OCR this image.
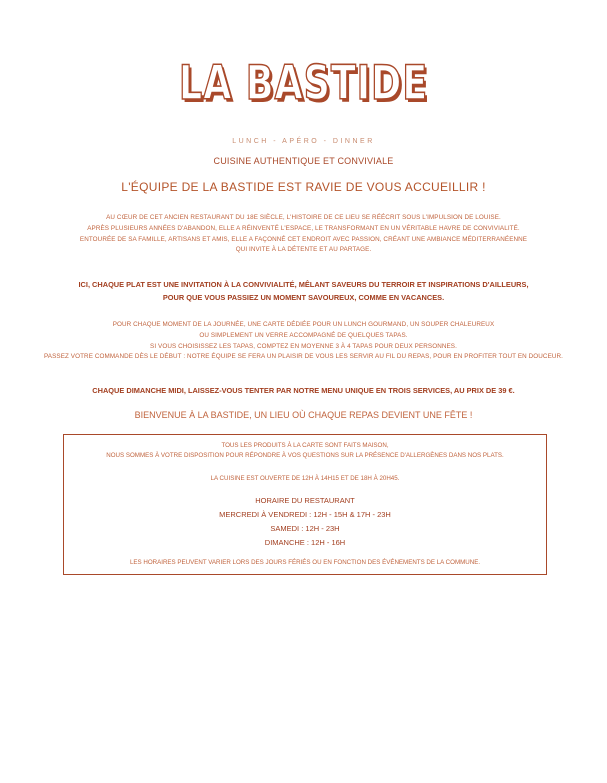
LA BASTIDE
LUNCH - APÉRO - DINNER
CUISINE AUTHENTIQUE ET CONVIVIALE
L'ÉQUIPE DE LA BASTIDE EST RAVIE DE VOUS ACCUEILLIR !
AU CŒUR DE CET ANCIEN RESTAURANT DU 18E SIÈCLE, L'HISTOIRE DE CE LIEU SE RÉÉCRIT SOUS L'IMPULSION DE LOUISE.
APRÈS PLUSIEURS ANNÉES D'ABANDON, ELLE A RÉINVENTÉ L'ESPACE, LE TRANSFORMANT EN UN VÉRITABLE HAVRE DE CONVIVIALITÉ.
ENTOURÉE DE SA FAMILLE, ARTISANS ET AMIS, ELLE A FAÇONNÉ CET ENDROIT AVEC PASSION, CRÉANT UNE AMBIANCE MÉDITERRANÉENNE
QUI INVITE À LA DÉTENTE ET AU PARTAGE.
ICI, CHAQUE PLAT EST UNE INVITATION À LA CONVIVIALITÉ, MÊLANT SAVEURS DU TERROIR ET INSPIRATIONS D'AILLEURS,
POUR QUE VOUS PASSIEZ UN MOMENT SAVOUREUX, COMME EN VACANCES.
POUR CHAQUE MOMENT DE LA JOURNÉE, UNE CARTE DÉDIÉE POUR UN LUNCH GOURMAND, UN SOUPER CHALEUREUX
OU SIMPLEMENT UN VERRE ACCOMPAGNÉ DE QUELQUES TAPAS.
SI VOUS CHOISISSEZ LES TAPAS, COMPTEZ EN MOYENNE 3 À 4 TAPAS POUR DEUX PERSONNES.
PASSEZ VOTRE COMMANDE DÈS LE DÉBUT : NOTRE ÉQUIPE SE FERA UN PLAISIR DE VOUS LES SERVIR AU FIL DU REPAS, POUR EN PROFITER TOUT EN DOUCEUR.
CHAQUE DIMANCHE MIDI, LAISSEZ-VOUS TENTER PAR NOTRE MENU UNIQUE EN TROIS SERVICES, AU PRIX DE 39 €.
BIENVENUE À LA BASTIDE, UN LIEU OÙ CHAQUE REPAS DEVIENT UNE FÊTE !
TOUS LES PRODUITS À LA CARTE SONT FAITS MAISON,
NOUS SOMMES À VOTRE DISPOSITION POUR RÉPONDRE À VOS QUESTIONS SUR LA PRÉSENCE D'ALLERGÈNES DANS NOS PLATS.
LA CUISINE EST OUVERTE DE 12H À 14H15 ET DE 18H À 20H45.
HORAIRE DU RESTAURANT
MERCREDI À VENDREDI : 12H - 15H & 17H - 23H
SAMEDI : 12H - 23H
DIMANCHE : 12H - 16H
LES HORAIRES PEUVENT VARIER LORS DES JOURS FÉRIÉS OU EN FONCTION DES ÉVÉNEMENTS DE LA COMMUNE.
